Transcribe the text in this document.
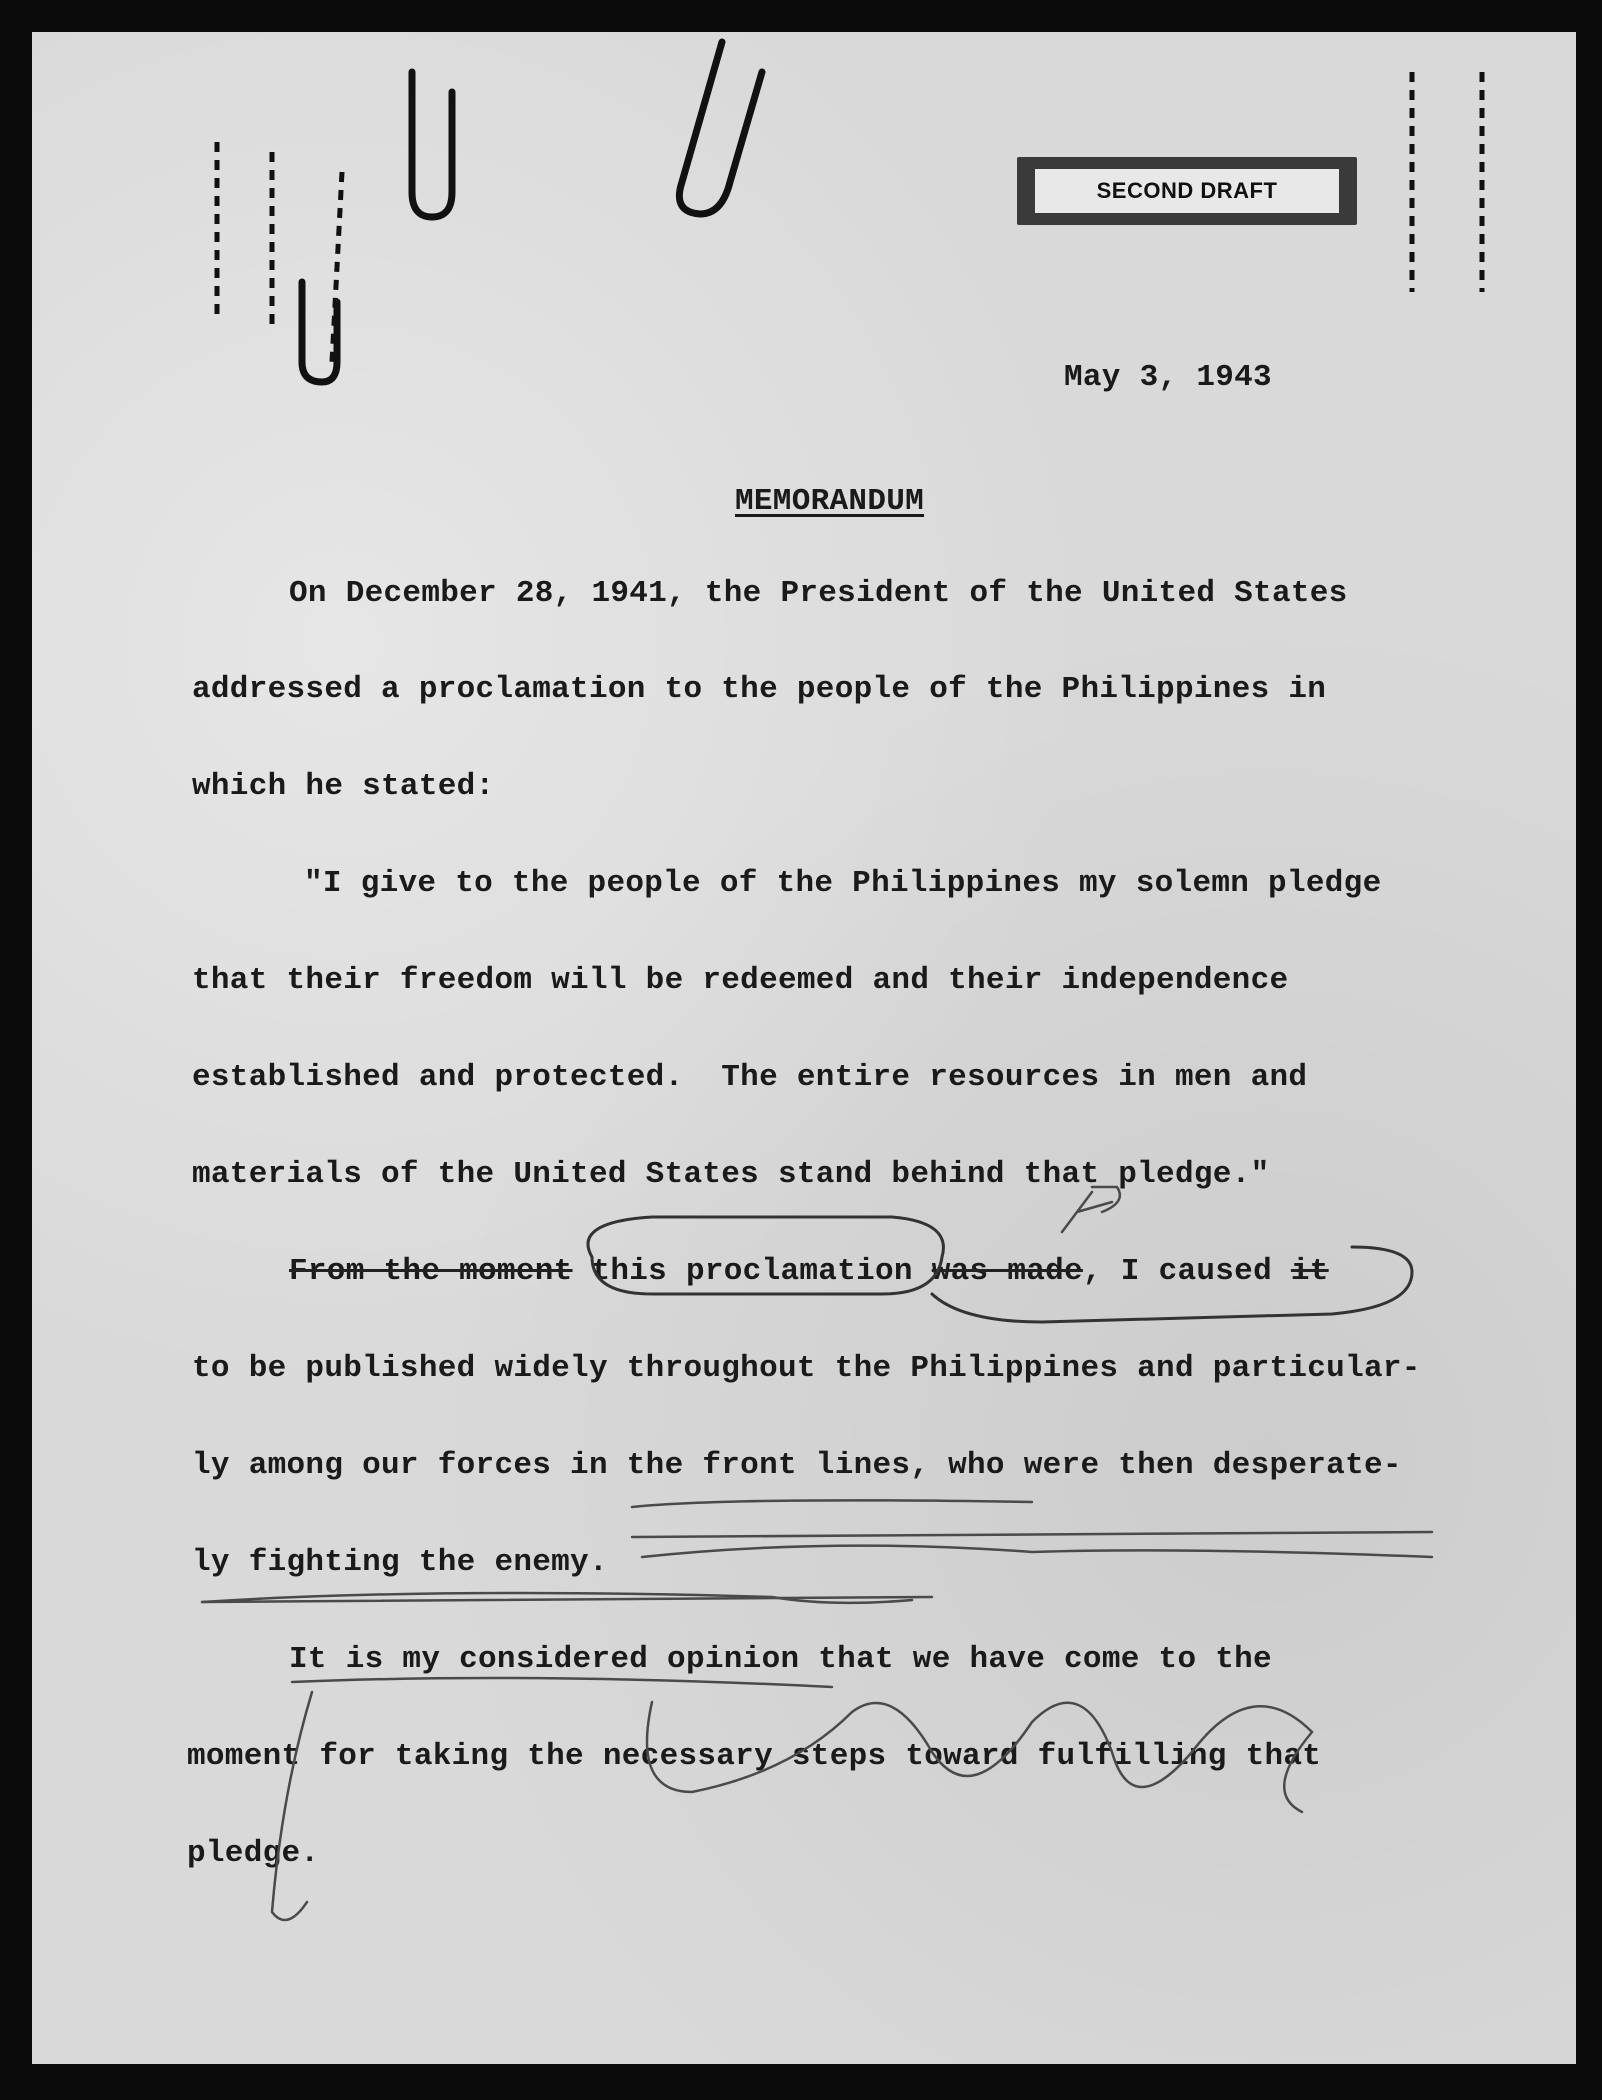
SECOND DRAFT
May 3, 1943
MEMORANDUM
On December 28, 1941, the President of the United States
addressed a proclamation to the people of the Philippines in
which he stated:
"I give to the people of the Philippines my solemn pledge
that their freedom will be redeemed and their independence
established and protected.  The entire resources in men and
materials of the United States stand behind that pledge."
From the moment this proclamation was made, I caused it
to be published widely throughout the Philippines and particular-
ly among our forces in the front lines, who were then desperate-
ly fighting the enemy.
It is my considered opinion that we have come to the
moment for taking the necessary steps toward fulfilling that
pledge.
